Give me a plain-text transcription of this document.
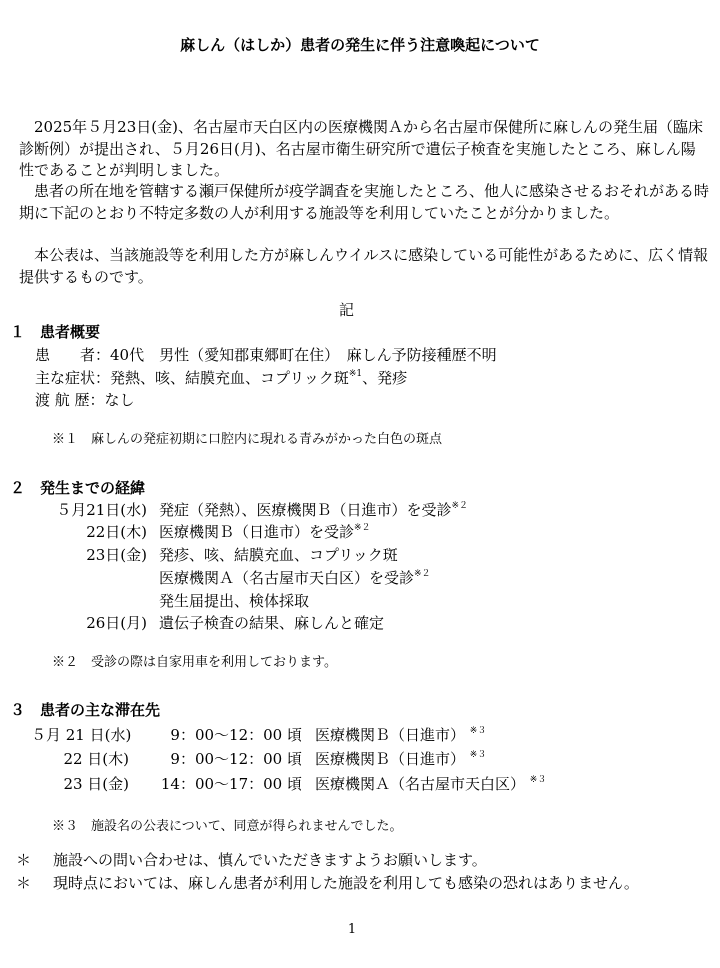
麻しん（はしか）患者の発生に伴う注意喚起について
　2025年５月23日(金)、名古屋市天白区内の医療機関Ａから名古屋市保健所に麻しんの発生届（臨床診断例）が提出され、５月26日(月)、名古屋市衛生研究所で遺伝子検査を実施したところ、麻しん陽性であることが判明しました。
　患者の所在地を管轄する瀬戸保健所が疫学調査を実施したところ、他人に感染させるおそれがある時期に下記のとおり不特定多数の人が利用する施設等を利用していたことが分かりました。
　本公表は、当該施設等を利用した方が麻しんウイルスに感染している可能性があるために、広く情報提供するものです。
記
１　患者概要
患　　者：40代　男性（愛知郡東郷町在住）　麻しん予防接種歴不明
主な症状：発熱、咳、結膜充血、コプリック斑$^{※1}$、発疹
渡 航 歴：なし
※１　麻しんの発症初期に口腔内に現れる青みがかった白色の斑点
２　発生までの経緯
５月21日(水) 発症（発熱）、医療機関Ｂ（日進市）を受診$^{※2}$
22日(木) 医療機関Ｂ（日進市）を受診$^{※2}$
23日(金) 発疹、咳、結膜充血、コプリック斑
医療機関Ａ（名古屋市天白区）を受診$^{※2}$
発生届提出、検体採取
26日(月) 遺伝子検査の結果、麻しんと確定
※２　受診の際は自家用車を利用しております。
３　患者の主な滞在先
５月 21 日(水)	9：00～12：00 頃 医療機関Ｂ（日進市） $^{※3}$
22 日(木)	9：00～12：00 頃 医療機関Ｂ（日進市） $^{※3}$
23 日(金)	14：00～17：00 頃 医療機関Ａ（名古屋市天白区） $^{※3}$
※３　施設名の公表について、同意が得られませんでした。
＊ 施設への問い合わせは、慎んでいただきますようお願いします。
＊ 現時点においては、麻しん患者が利用した施設を利用しても感染の恐れはありません。
1
